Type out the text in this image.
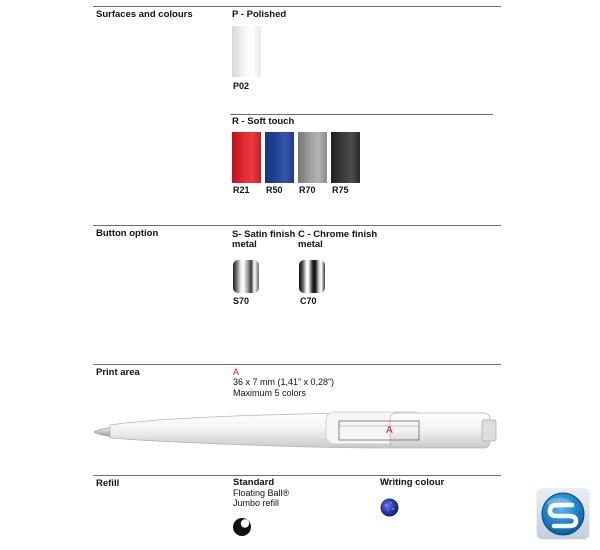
Surfaces and colours	P - Polished
P02
R - Soft touch
R21 R50 R70 R75
Button option	S- Satin finish
metal
S70
C - Chrome finish
metal
C70
Print area	A
36 x 7 mm (1,41” x 0,28”)
Maximum 5 colors
A
Refill	Standard
Floating Ball®
Jumbo refill
Writing colour
